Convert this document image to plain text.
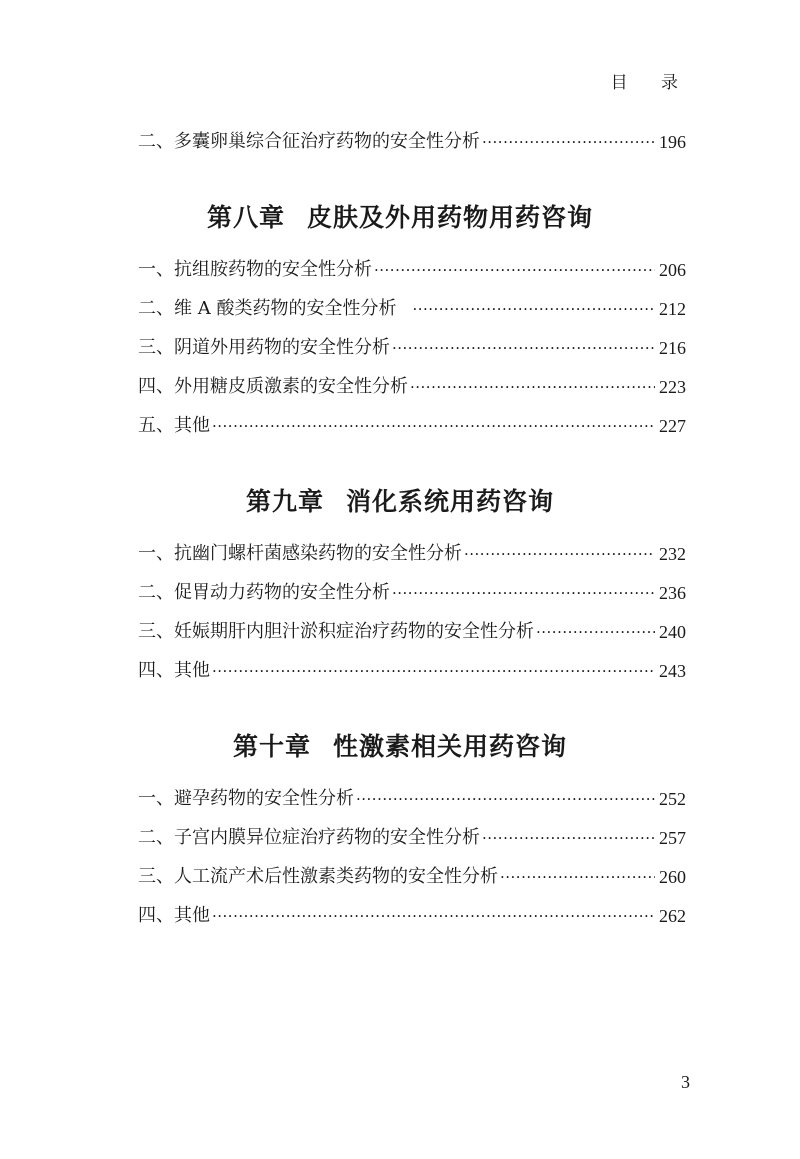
目 录
二、多囊卵巢综合征治疗药物的安全性分析 ·····	196
第八章 皮肤及外用药物用药咨询
一、抗组胺药物的安全性分析 ·····	206
二、维 A 酸类药物的安全性分析 ·····	212
三、阴道外用药物的安全性分析 ·····	216
四、外用糖皮质激素的安全性分析 ·····	223
五、其他 ·····	227
第九章 消化系统用药咨询
一、抗幽门螺杆菌感染药物的安全性分析 ·····	232
二、促胃动力药物的安全性分析 ·····	236
三、妊娠期肝内胆汁淤积症治疗药物的安全性分析 ·····	240
四、其他 ·····	243
第十章 性激素相关用药咨询
一、避孕药物的安全性分析 ·····	252
二、子宫内膜异位症治疗药物的安全性分析 ·····	257
三、人工流产术后性激素类药物的安全性分析 ·····	260
四、其他 ·····	262
3
